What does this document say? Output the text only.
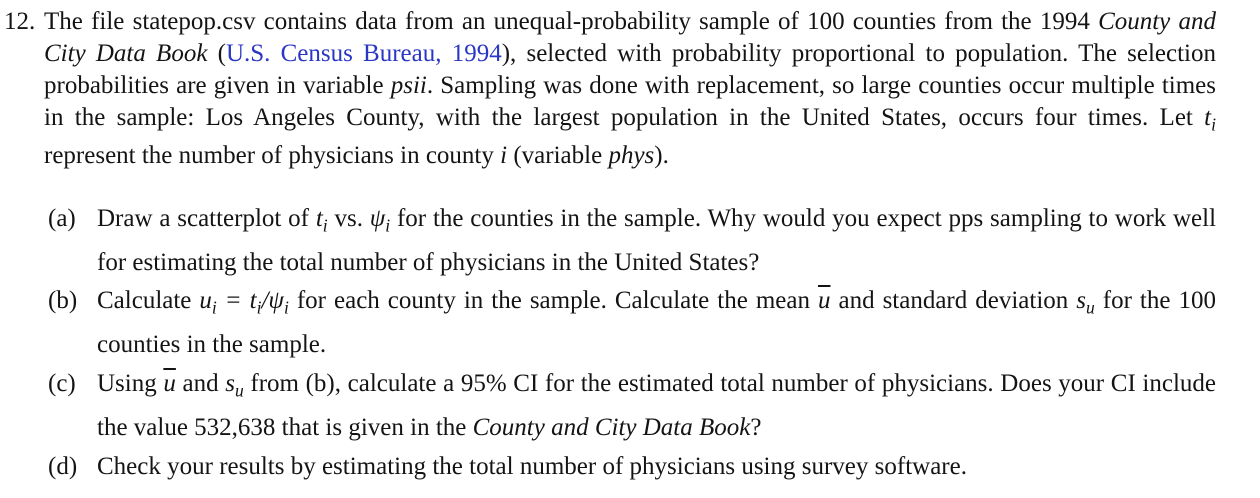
12. The file statepop.csv contains data from an unequal-probability sample of 100 counties from the 1994 County and City Data Book (U.S. Census Bureau, 1994), selected with probability proportional to population. The selection probabilities are given in variable psii. Sampling was done with replacement, so large counties occur multiple times in the sample: Los Angeles County, with the largest population in the United States, occurs four times. Let $t_i$ represent the number of physicians in county i (variable phys).
(a) Draw a scatterplot of $t_i$ vs. $\psi_i$ for the counties in the sample. Why would you expect pps sampling to work well for estimating the total number of physicians in the United States?
(b) Calculate $u_i = t_i/\psi_i$ for each county in the sample. Calculate the mean $\overline{u}$ and standard deviation $s_u$ for the 100 counties in the sample.
(c) Using $\overline{u}$ and $s_u$ from (b), calculate a 95% CI for the estimated total number of physicians. Does your CI include the value 532,638 that is given in the County and City Data Book?
(d) Check your results by estimating the total number of physicians using survey software.
